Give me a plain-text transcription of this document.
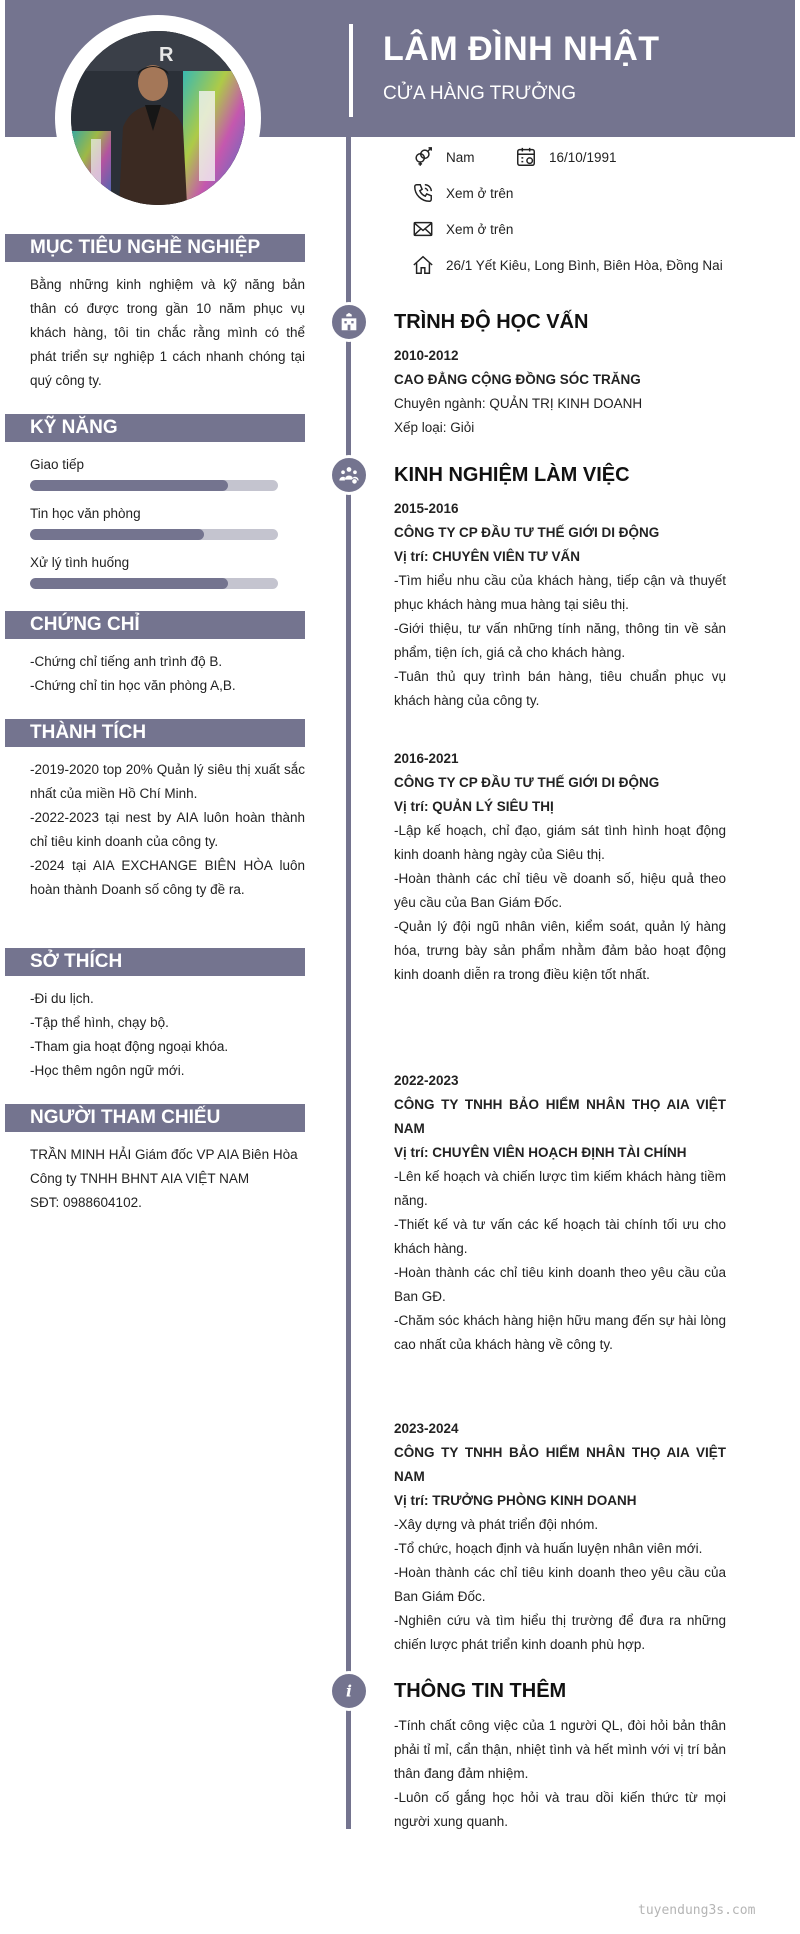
LÂM ĐÌNH NHẬT
CỬA HÀNG TRƯỞNG
R
Nam	16/10/1991
Xem ở trên
Xem ở trên
26/1 Yết Kiêu, Long Bình, Biên Hòa, Đồng Nai
MỤC TIÊU NGHỀ NGHIỆP
Bằng những kinh nghiệm và kỹ năng bản thân có được trong gần 10 năm phục vụ khách hàng, tôi tin chắc rằng mình có thể phát triển sự nghiệp 1 cách nhanh chóng tại quý công ty.
KỸ NĂNG
Giao tiếp
Tin học văn phòng
Xử lý tình huống
CHỨNG CHỈ
-Chứng chỉ tiếng anh trình độ B.
-Chứng chỉ tin học văn phòng A,B.
THÀNH TÍCH
-2019-2020 top 20% Quản lý siêu thị xuất sắc nhất của miền Hồ Chí Minh.
-2022-2023 tại nest by AIA luôn hoàn thành chỉ tiêu kinh doanh của công ty.
-2024 tại AIA EXCHANGE BIÊN HÒA luôn hoàn thành Doanh số công ty đề ra.
SỞ THÍCH
-Đi du lịch.
-Tập thể hình, chạy bộ.
-Tham gia hoạt động ngoại khóa.
-Học thêm ngôn ngữ mới.
NGƯỜI THAM CHIẾU
TRẦN MINH HẢI Giám đốc VP AIA Biên Hòa
Công ty TNHH BHNT AIA VIỆT NAM
SĐT: 0988604102.
TRÌNH ĐỘ HỌC VẤN
2010-2012
CAO ĐẲNG CỘNG ĐỒNG SÓC TRĂNG
Chuyên ngành: QUẢN TRỊ KINH DOANH
Xếp loại: Giỏi
KINH NGHIỆM LÀM VIỆC
2015-2016
CÔNG TY CP ĐẦU TƯ THẾ GIỚI DI ĐỘNG
Vị trí: CHUYÊN VIÊN TƯ VẤN
-Tìm hiểu nhu cầu của khách hàng, tiếp cận và thuyết phục khách hàng mua hàng tại siêu thị.
-Giới thiệu, tư vấn những tính năng, thông tin về sản phẩm, tiện ích, giá cả cho khách hàng.
-Tuân thủ quy trình bán hàng, tiêu chuẩn phục vụ khách hàng của công ty.
2016-2021
CÔNG TY CP ĐẦU TƯ THẾ GIỚI DI ĐỘNG
Vị trí: QUẢN LÝ SIÊU THỊ
-Lập kế hoạch, chỉ đạo, giám sát tình hình hoạt động kinh doanh hàng ngày của Siêu thị.
-Hoàn thành các chỉ tiêu về doanh số, hiệu quả theo yêu cầu của Ban Giám Đốc.
-Quản lý đội ngũ nhân viên, kiểm soát, quản lý hàng hóa, trưng bày sản phẩm nhằm đảm bảo hoạt động kinh doanh diễn ra trong điều kiện tốt nhất.
2022-2023
CÔNG TY TNHH BẢO HIỂM NHÂN THỌ AIA VIỆT NAM
Vị trí: CHUYÊN VIÊN HOẠCH ĐỊNH TÀI CHÍNH
-Lên kế hoạch và chiến lược tìm kiếm khách hàng tiềm năng.
-Thiết kế và tư vấn các kế hoạch tài chính tối ưu cho khách hàng.
-Hoàn thành các chỉ tiêu kinh doanh theo yêu cầu của Ban GĐ.
-Chăm sóc khách hàng hiện hữu mang đến sự hài lòng cao nhất của khách hàng về công ty.
2023-2024
CÔNG TY TNHH BẢO HIỂM NHÂN THỌ AIA VIỆT NAM
Vị trí: TRƯỞNG PHÒNG KINH DOANH
-Xây dựng và phát triển đội nhóm.
-Tổ chức, hoạch định và huấn luyện nhân viên mới.
-Hoàn thành các chỉ tiêu kinh doanh theo yêu cầu của Ban Giám Đốc.
-Nghiên cứu và tìm hiểu thị trường để đưa ra những chiến lược phát triển kinh doanh phù hợp.
i THÔNG TIN THÊM
-Tính chất công việc của 1 người QL, đòi hỏi bản thân phải tỉ mỉ, cẩn thận, nhiệt tình và hết mình với vị trí bản thân đang đảm nhiệm.
-Luôn cố gắng học hỏi và trau dồi kiến thức từ mọi người xung quanh.
tuyendung3s.com
